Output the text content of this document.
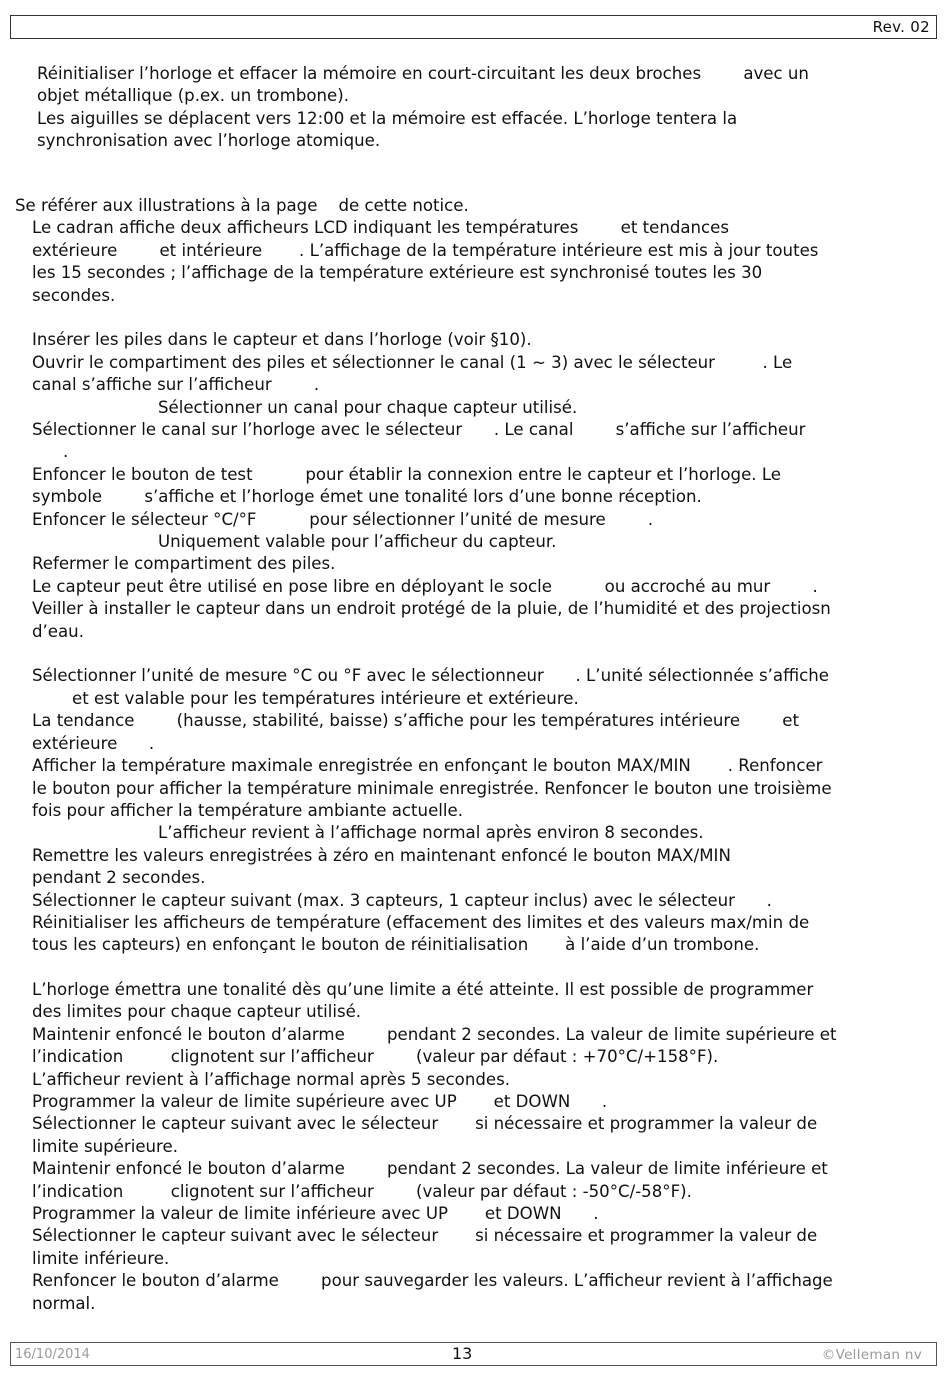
Rev. 02
Réinitialiser l’horloge et effacer la mémoire en court-circuitant les deux broches        avec un
objet métallique (p.ex. un trombone).
Les aiguilles se déplacent vers 12:00 et la mémoire est effacée. L’horloge tentera la
synchronisation avec l’horloge atomique.
Se référer aux illustrations à la page    de cette notice.
Le cadran affiche deux afficheurs LCD indiquant les températures        et tendances
extérieure        et intérieure       . L’affichage de la température intérieure est mis à jour toutes
les 15 secondes ; l’affichage de la température extérieure est synchronisé toutes les 30
secondes.
Insérer les piles dans le capteur et dans l’horloge (voir §10).
Ouvrir le compartiment des piles et sélectionner le canal (1 ~ 3) avec le sélecteur         . Le
canal s’affiche sur l’afficheur        .
Sélectionner un canal pour chaque capteur utilisé.
Sélectionner le canal sur l’horloge avec le sélecteur      . Le canal        s’affiche sur l’afficheur
.
Enfoncer le bouton de test          pour établir la connexion entre le capteur et l’horloge. Le
symbole        s’affiche et l’horloge émet une tonalité lors d’une bonne réception.
Enfoncer le sélecteur °C/°F          pour sélectionner l’unité de mesure        .
Uniquement valable pour l’afficheur du capteur.
Refermer le compartiment des piles.
Le capteur peut être utilisé en pose libre en déployant le socle          ou accroché au mur        .
Veiller à installer le capteur dans un endroit protégé de la pluie, de l’humidité et des projectiosn
d’eau.
Sélectionner l’unité de mesure °C ou °F avec le sélectionneur      . L’unité sélectionnée s’affiche
et est valable pour les températures intérieure et extérieure.
La tendance        (hausse, stabilité, baisse) s’affiche pour les températures intérieure        et
extérieure      .
Afficher la température maximale enregistrée en enfonçant le bouton MAX/MIN       . Renfoncer
le bouton pour afficher la température minimale enregistrée. Renfoncer le bouton une troisième
fois pour afficher la température ambiante actuelle.
L’afficheur revient à l’affichage normal après environ 8 secondes.
Remettre les valeurs enregistrées à zéro en maintenant enfoncé le bouton MAX/MIN
pendant 2 secondes.
Sélectionner le capteur suivant (max. 3 capteurs, 1 capteur inclus) avec le sélecteur      .
Réinitialiser les afficheurs de température (effacement des limites et des valeurs max/min de
tous les capteurs) en enfonçant le bouton de réinitialisation       à l’aide d’un trombone.
L’horloge émettra une tonalité dès qu’une limite a été atteinte. Il est possible de programmer
des limites pour chaque capteur utilisé.
Maintenir enfoncé le bouton d’alarme        pendant 2 secondes. La valeur de limite supérieure et
l’indication         clignotent sur l’afficheur        (valeur par défaut : +70°C/+158°F).
L’afficheur revient à l’affichage normal après 5 secondes.
Programmer la valeur de limite supérieure avec UP       et DOWN      .
Sélectionner le capteur suivant avec le sélecteur       si nécessaire et programmer la valeur de
limite supérieure.
Maintenir enfoncé le bouton d’alarme        pendant 2 secondes. La valeur de limite inférieure et
l’indication         clignotent sur l’afficheur        (valeur par défaut : -50°C/-58°F).
Programmer la valeur de limite inférieure avec UP       et DOWN      .
Sélectionner le capteur suivant avec le sélecteur       si nécessaire et programmer la valeur de
limite inférieure.
Renfoncer le bouton d’alarme        pour sauvegarder les valeurs. L’afficheur revient à l’affichage
normal.
16/10/2014	©Velleman nv
13
